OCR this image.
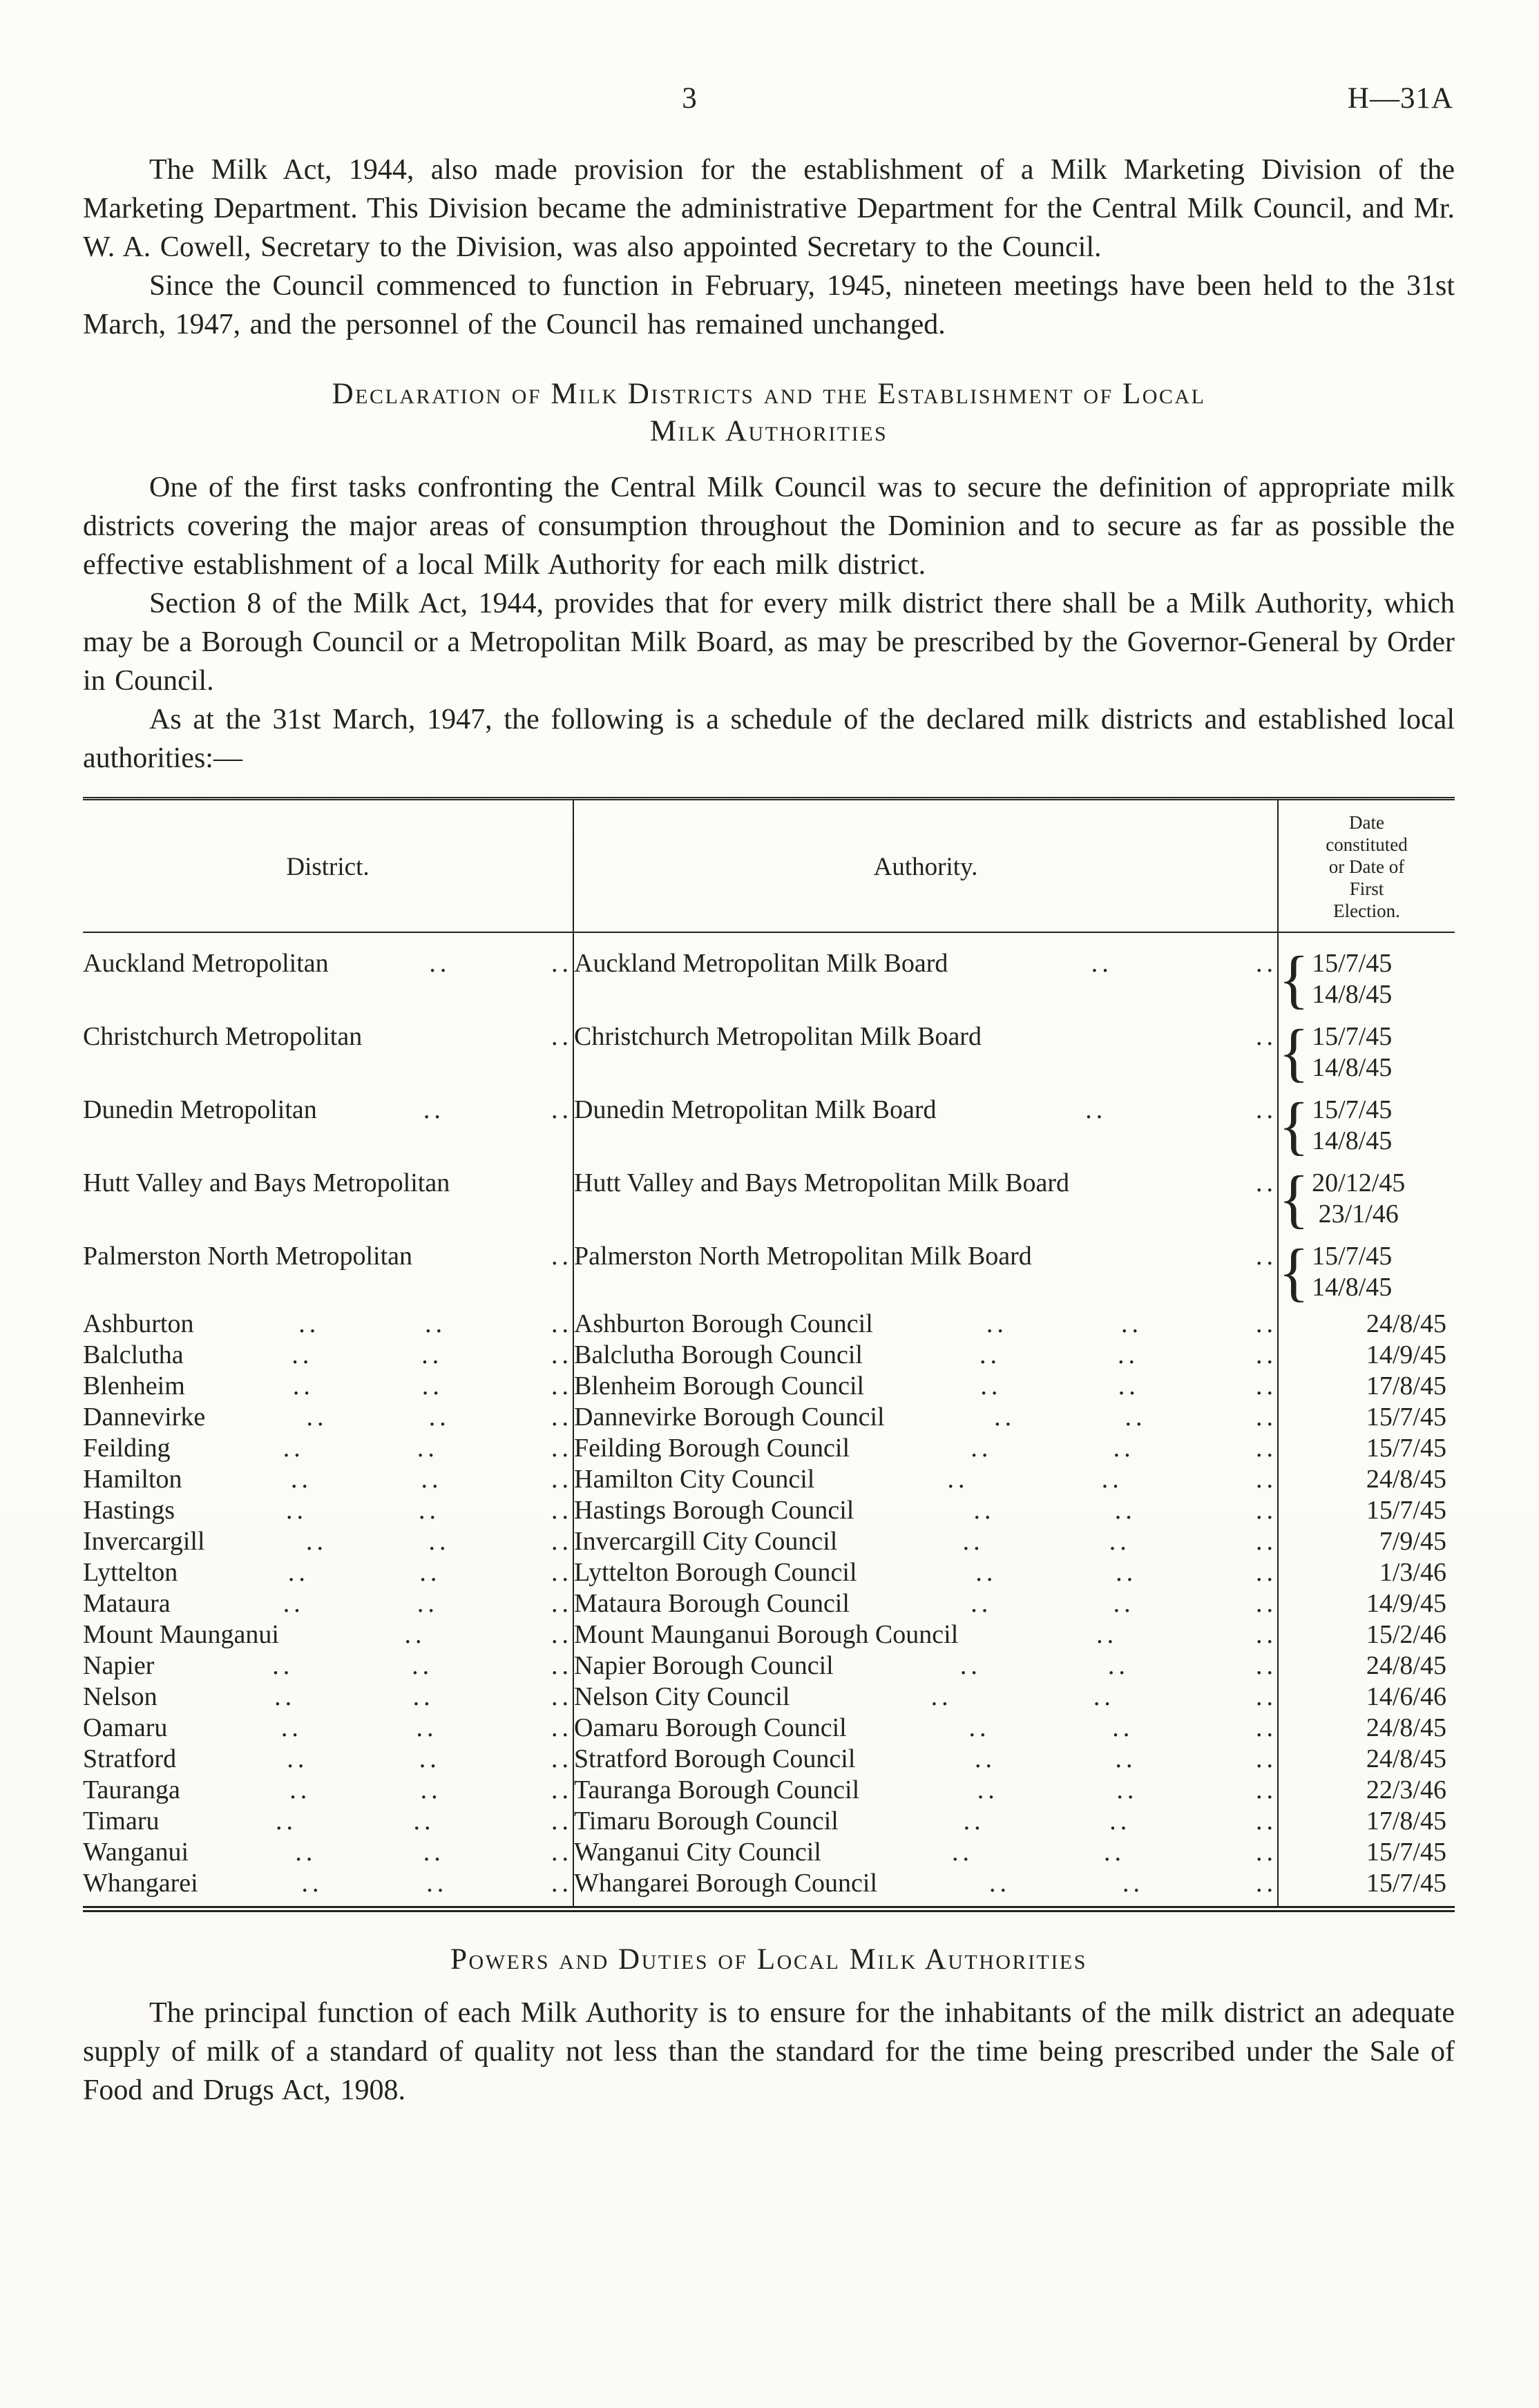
3	H—31A

The Milk Act, 1944, also made provision for the establishment of a Milk Marketing Division of the Marketing Department. This Division became the administrative Department for the Central Milk Council, and Mr. W. A. Cowell, Secretary to the Division, was also appointed Secretary to the Council.

Since the Council commenced to function in February, 1945, nineteen meetings have been held to the 31st March, 1947, and the personnel of the Council has remained unchanged.

Declaration of Milk Districts and the Establishment of Local
Milk Authorities

One of the first tasks confronting the Central Milk Council was to secure the definition of appropriate milk districts covering the major areas of consumption throughout the Dominion and to secure as far as possible the effective establishment of a local Milk Authority for each milk district.

Section 8 of the Milk Act, 1944, provides that for every milk district there shall be a Milk Authority, which may be a Borough Council or a Metropolitan Milk Board, as may be prescribed by the Governor-General by Order in Council.

As at the 31st March, 1947, the following is a schedule of the declared milk districts and established local authorities:—

District.	Authority.	Date
constituted
or Date of
First
Election.

Auckland Metropolitan .. ..	Auckland Metropolitan Milk Board .. ..	{ 15/7/45
14/8/45

Christchurch Metropolitan ..	Christchurch Metropolitan Milk Board ..	{ 15/7/45
14/8/45

Dunedin Metropolitan .. ..	Dunedin Metropolitan Milk Board .. ..	{ 15/7/45
14/8/45

Hutt Valley and Bays Metropolitan	Hutt Valley and Bays Metropolitan Milk Board ..	{ 20/12/45
23/1/46

Palmerston North Metropolitan ..	Palmerston North Metropolitan Milk Board ..	{ 15/7/45
14/8/45

Ashburton .. .. ..	Ashburton Borough Council .. .. ..	24/8/45

Balclutha .. .. ..	Balclutha Borough Council .. .. ..	14/9/45

Blenheim .. .. ..	Blenheim Borough Council .. .. ..	17/8/45

Dannevirke .. .. ..	Dannevirke Borough Council .. .. ..	15/7/45

Feilding .. .. ..	Feilding Borough Council .. .. ..	15/7/45

Hamilton .. .. ..	Hamilton City Council .. .. ..	24/8/45

Hastings .. .. ..	Hastings Borough Council .. .. ..	15/7/45

Invercargill .. .. ..	Invercargill City Council .. .. ..	7/9/45

Lyttelton .. .. ..	Lyttelton Borough Council .. .. ..	1/3/46

Mataura .. .. ..	Mataura Borough Council .. .. ..	14/9/45

Mount Maunganui .. ..	Mount Maunganui Borough Council .. ..	15/2/46

Napier .. .. ..	Napier Borough Council .. .. ..	24/8/45

Nelson .. .. ..	Nelson City Council .. .. ..	14/6/46

Oamaru .. .. ..	Oamaru Borough Council .. .. ..	24/8/45

Stratford .. .. ..	Stratford Borough Council .. .. ..	24/8/45

Tauranga .. .. ..	Tauranga Borough Council .. .. ..	22/3/46

Timaru .. .. ..	Timaru Borough Council .. .. ..	17/8/45

Wanganui .. .. ..	Wanganui City Council .. .. ..	15/7/45

Whangarei .. .. ..	Whangarei Borough Council .. .. ..	15/7/45
Powers and Duties of Local Milk Authorities

The principal function of each Milk Authority is to ensure for the inhabitants of the milk district an adequate supply of milk of a standard of quality not less than the standard for the time being prescribed under the Sale of Food and Drugs Act, 1908.
